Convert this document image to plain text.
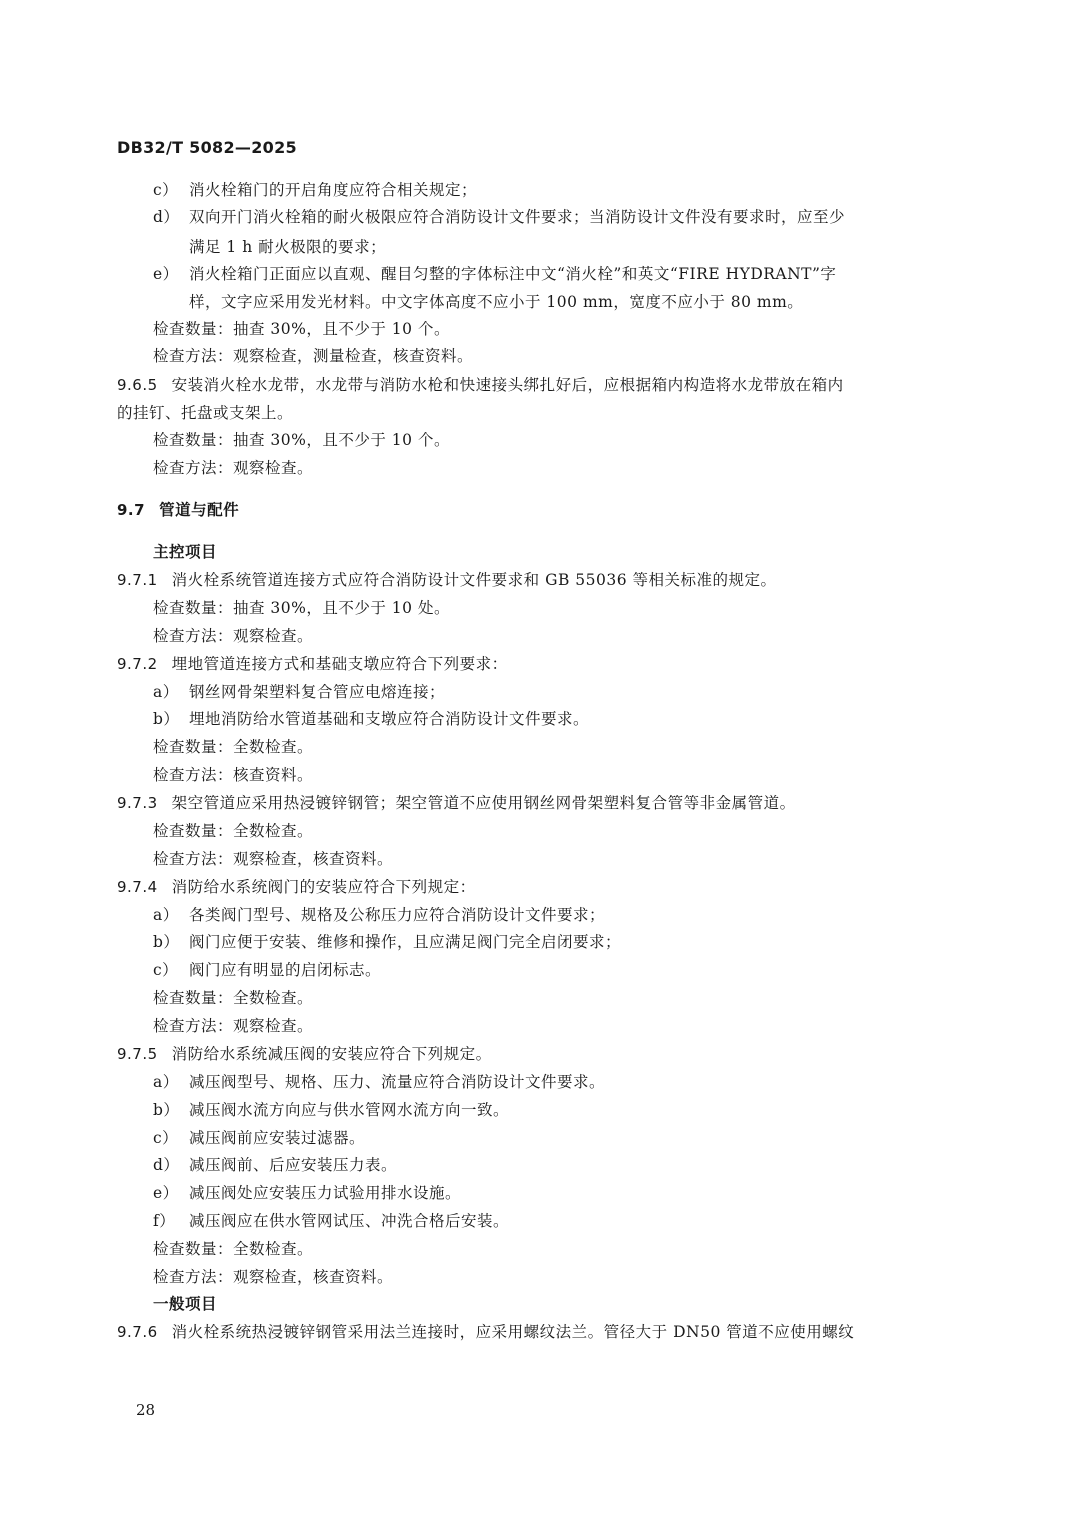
DB32/T 5082—2025
c） 消火栓箱门的开启角度应符合相关规定；
d） 双向开门消火栓箱的耐火极限应符合消防设计文件要求；当消防设计文件没有要求时，应至少
满足 1 h 耐火极限的要求；
e） 消火栓箱门正面应以直观、醒目匀整的字体标注中文“消火栓”和英文“FIRE HYDRANT”字
样，文字应采用发光材料。中文字体高度不应小于 100 mm，宽度不应小于 80 mm。
检查数量：抽查 30%，且不少于 10 个。
检查方法：观察检查，测量检查，核查资料。
9.6.5 安装消火栓水龙带，水龙带与消防水枪和快速接头绑扎好后，应根据箱内构造将水龙带放在箱内
的挂钉、托盘或支架上。
检查数量：抽查 30%，且不少于 10 个。
检查方法：观察检查。
9.7 管道与配件
主控项目
9.7.1 消火栓系统管道连接方式应符合消防设计文件要求和 GB 55036 等相关标准的规定。
检查数量：抽查 30%，且不少于 10 处。
检查方法：观察检查。
9.7.2 埋地管道连接方式和基础支墩应符合下列要求：
a） 钢丝网骨架塑料复合管应电熔连接；
b） 埋地消防给水管道基础和支墩应符合消防设计文件要求。
检查数量：全数检查。
检查方法：核查资料。
9.7.3 架空管道应采用热浸镀锌钢管；架空管道不应使用钢丝网骨架塑料复合管等非金属管道。
检查数量：全数检查。
检查方法：观察检查，核查资料。
9.7.4 消防给水系统阀门的安装应符合下列规定：
a） 各类阀门型号、规格及公称压力应符合消防设计文件要求；
b） 阀门应便于安装、维修和操作，且应满足阀门完全启闭要求；
c） 阀门应有明显的启闭标志。
检查数量：全数检查。
检查方法：观察检查。
9.7.5 消防给水系统减压阀的安装应符合下列规定。
a） 减压阀型号、规格、压力、流量应符合消防设计文件要求。
b） 减压阀水流方向应与供水管网水流方向一致。
c） 减压阀前应安装过滤器。
d） 减压阀前、后应安装压力表。
e） 减压阀处应安装压力试验用排水设施。
f） 减压阀应在供水管网试压、冲洗合格后安装。
检查数量：全数检查。
检查方法：观察检查，核查资料。
一般项目
9.7.6 消火栓系统热浸镀锌钢管采用法兰连接时，应采用螺纹法兰。管径大于 DN50 管道不应使用螺纹
28
